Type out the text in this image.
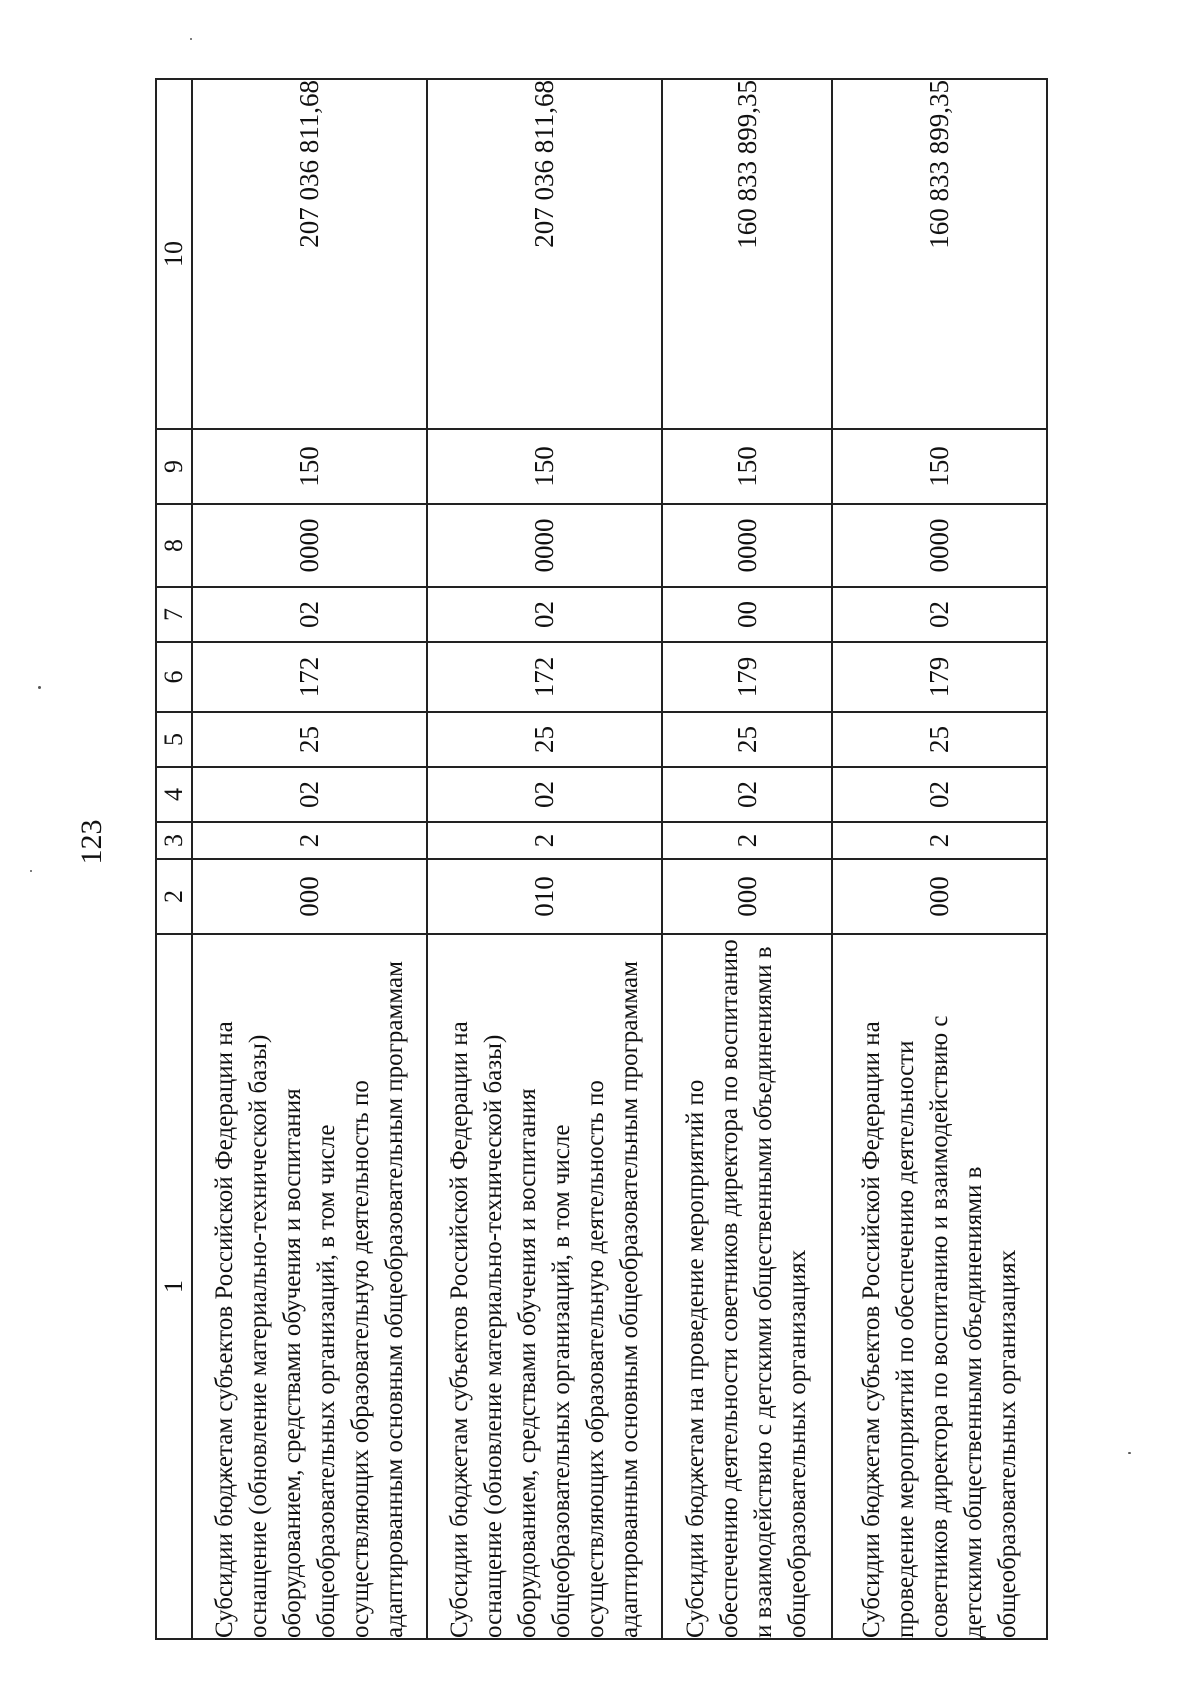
123
1	2	3	4	5	6	7	8	9	10
Субсидии бюджетам субъектов Российской Федерации на оснащение (обновление материально-технической базы) оборудованием, средствами обучения и воспитания общеобразовательных организаций, в том числе осуществляющих образовательную деятельность по адаптированным основным общеобразовательным программам	000	2	02	25	172	02	0000	150	207 036 811,68
Субсидии бюджетам субъектов Российской Федерации на оснащение (обновление материально-технической базы) оборудованием, средствами обучения и воспитания общеобразовательных организаций, в том числе осуществляющих образовательную деятельность по адаптированным основным общеобразовательным программам	010	2	02	25	172	02	0000	150	207 036 811,68
Субсидии бюджетам на проведение мероприятий по обеспечению деятельности советников директора по воспитанию и взаимодействию с детскими общественными объединениями в общеобразовательных организациях	000	2	02	25	179	00	0000	150	160 833 899,35
Субсидии бюджетам субъектов Российской Федерации на проведение мероприятий по обеспечению деятельности советников директора по воспитанию и взаимодействию с детскими общественными объединениями в общеобразовательных организациях	000	2	02	25	179	02	0000	150	160 833 899,35
